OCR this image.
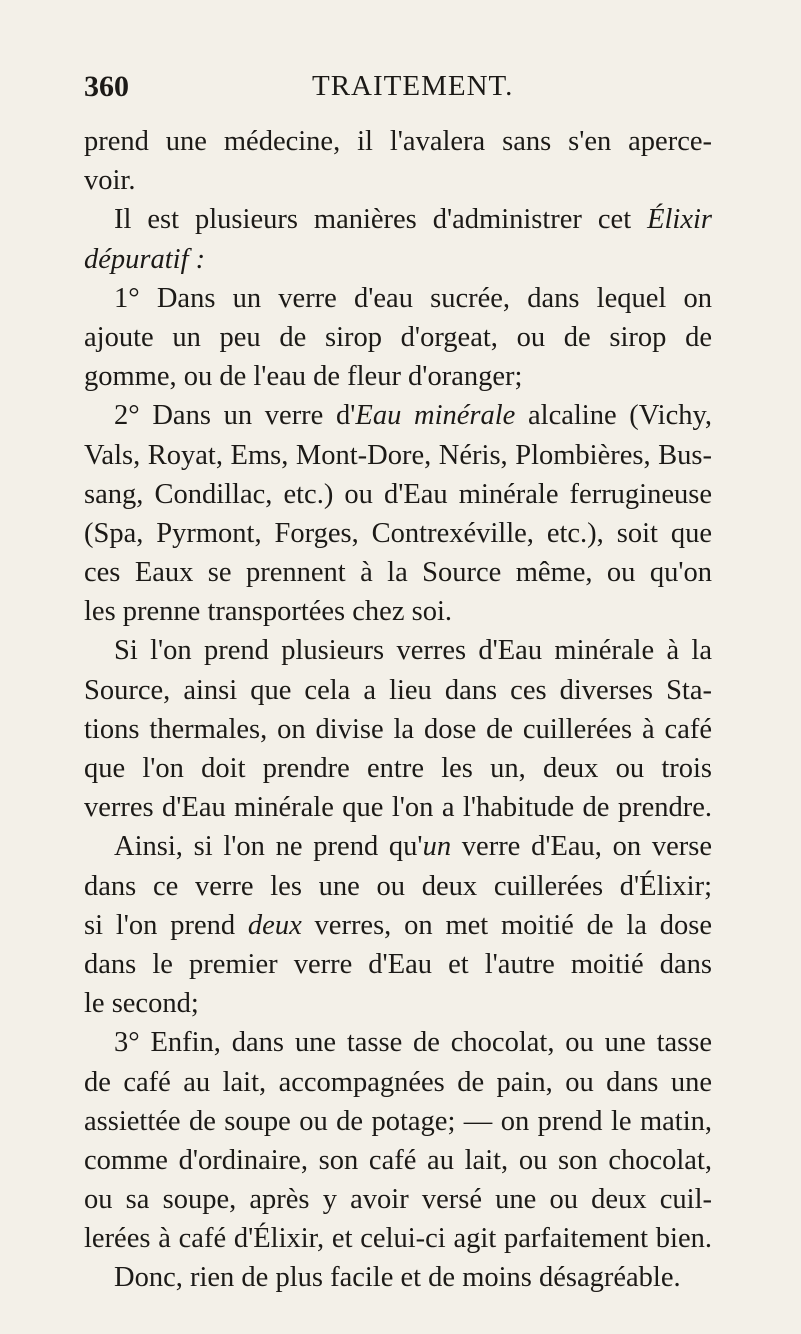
360	TRAITEMENT.
prend une médecine, il l'avalera sans s'en aperce-
voir.
Il est plusieurs manières d'administrer cet Élixir
dépuratif :
1° Dans un verre d'eau sucrée, dans lequel on
ajoute un peu de sirop d'orgeat, ou de sirop de
gomme, ou de l'eau de fleur d'oranger;
2° Dans un verre d'Eau minérale alcaline (Vichy,
Vals, Royat, Ems, Mont-Dore, Néris, Plombières, Bus-
sang, Condillac, etc.) ou d'Eau minérale ferrugineuse
(Spa, Pyrmont, Forges, Contrexéville, etc.), soit que
ces Eaux se prennent à la Source même, ou qu'on
les prenne transportées chez soi.
Si l'on prend plusieurs verres d'Eau minérale à la
Source, ainsi que cela a lieu dans ces diverses Sta-
tions thermales, on divise la dose de cuillerées à café
que l'on doit prendre entre les un, deux ou trois
verres d'Eau minérale que l'on a l'habitude de prendre.
Ainsi, si l'on ne prend qu'un verre d'Eau, on verse
dans ce verre les une ou deux cuillerées d'Élixir;
si l'on prend deux verres, on met moitié de la dose
dans le premier verre d'Eau et l'autre moitié dans
le second;
3° Enfin, dans une tasse de chocolat, ou une tasse
de café au lait, accompagnées de pain, ou dans une
assiettée de soupe ou de potage; — on prend le matin,
comme d'ordinaire, son café au lait, ou son chocolat,
ou sa soupe, après y avoir versé une ou deux cuil-
lerées à café d'Élixir, et celui-ci agit parfaitement bien.
Donc, rien de plus facile et de moins désagréable.
